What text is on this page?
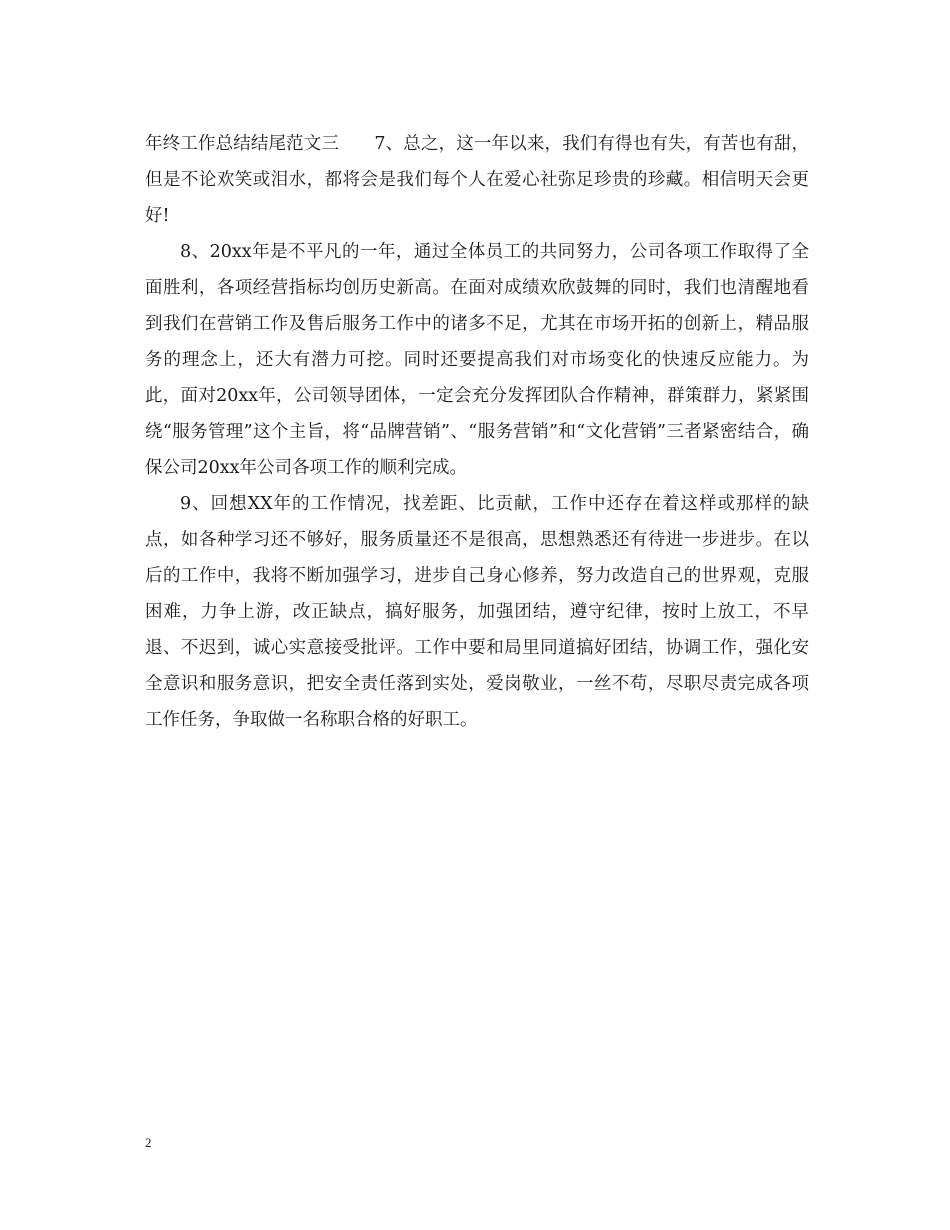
年终工作总结结尾范文三　　7、总之，这一年以来，我们有得也有失，有苦也有甜，但是不论欢笑或泪水，都将会是我们每个人在爱心社弥足珍贵的珍藏。相信明天会更好!

8、20xx年是不平凡的一年，通过全体员工的共同努力，公司各项工作取得了全面胜利，各项经营指标均创历史新高。在面对成绩欢欣鼓舞的同时，我们也清醒地看到我们在营销工作及售后服务工作中的诸多不足，尤其在市场开拓的创新上，精品服务的理念上，还大有潜力可挖。同时还要提高我们对市场变化的快速反应能力。为此，面对20xx年，公司领导团体，一定会充分发挥团队合作精神，群策群力，紧紧围绕“服务管理”这个主旨，将“品牌营销”、“服务营销”和“文化营销”三者紧密结合，确保公司20xx年公司各项工作的顺利完成。

9、回想XX年的工作情况，找差距、比贡献，工作中还存在着这样或那样的缺点，如各种学习还不够好，服务质量还不是很高，思想熟悉还有待进一步进步。在以后的工作中，我将不断加强学习，进步自己身心修养，努力改造自己的世界观，克服困难，力争上游，改正缺点，搞好服务，加强团结，遵守纪律，按时上放工，不早退、不迟到，诚心实意接受批评。工作中要和局里同道搞好团结，协调工作，强化安全意识和服务意识，把安全责任落到实处，爱岗敬业，一丝不苟，尽职尽责完成各项工作任务，争取做一名称职合格的好职工。

2
